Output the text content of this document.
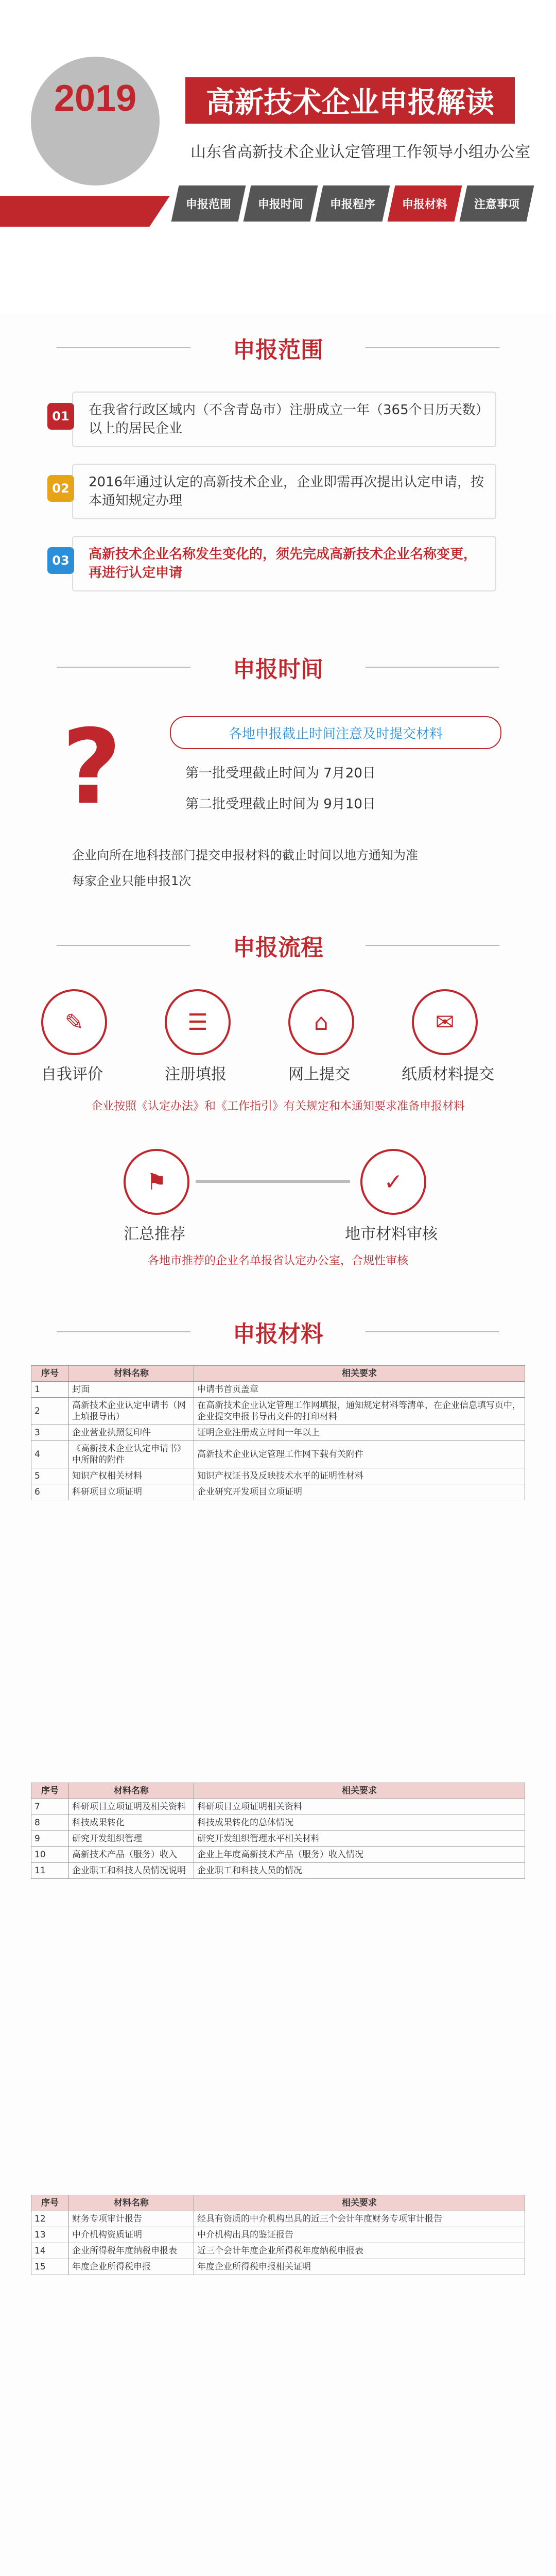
2019	高新技术企业申报解读
山东省高新技术企业认定管理工作领导小组办公室
申报范围 申报时间 申报程序 申报材料 注意事项
申报范围
01	在我省行政区域内（不含青岛市）注册成立一年（365个日历天数）以上的居民企业
02	2016年通过认定的高新技术企业，企业即需再次提出认定申请，按本通知规定办理
03	高新技术企业名称发生变化的，须先完成高新技术企业名称变更，再进行认定申请
申报时间
?	各地申报截止时间注意及时提交材料
第一批受理截止时间为 7月20日
第二批受理截止时间为 9月10日
企业向所在地科技部门提交申报材料的截止时间以地方通知为准
每家企业只能申报1次
申报流程
✎	☰	⌂	✉
自我评价	注册填报	网上提交	纸质材料提交
企业按照《认定办法》和《工作指引》有关规定和本通知要求准备申报材料
⚑	✓
汇总推荐	地市材料审核
各地市推荐的企业名单报省认定办公室，合规性审核
申报材料
序号	材料名称	相关要求
1	封面	申请书首页盖章
2	高新技术企业认定申请书（网上填报导出）	在高新技术企业认定管理工作网填报，通知规定材料等清单，在企业信息填写页中，企业提交申报书导出文件的打印材料
3	企业营业执照复印件	证明企业注册成立时间一年以上
4	《高新技术企业认定申请书》中所附的附件	高新技术企业认定管理工作网下载有关附件
5	知识产权相关材料	知识产权证书及反映技术水平的证明性材料
6	科研项目立项证明	企业研究开发项目立项证明
序号	材料名称	相关要求
7	科研项目立项证明及相关资料	科研项目立项证明相关资料
8	科技成果转化	科技成果转化的总体情况
9	研究开发组织管理	研究开发组织管理水平相关材料
10	高新技术产品（服务）收入	企业上年度高新技术产品（服务）收入情况
11	企业职工和科技人员情况说明	企业职工和科技人员的情况
序号	材料名称	相关要求
12	财务专项审计报告	经具有资质的中介机构出具的近三个会计年度财务专项审计报告
13	中介机构资质证明	中介机构出具的鉴证报告
14	企业所得税年度纳税申报表	近三个会计年度企业所得税年度纳税申报表
15	年度企业所得税申报	年度企业所得税申报相关证明
